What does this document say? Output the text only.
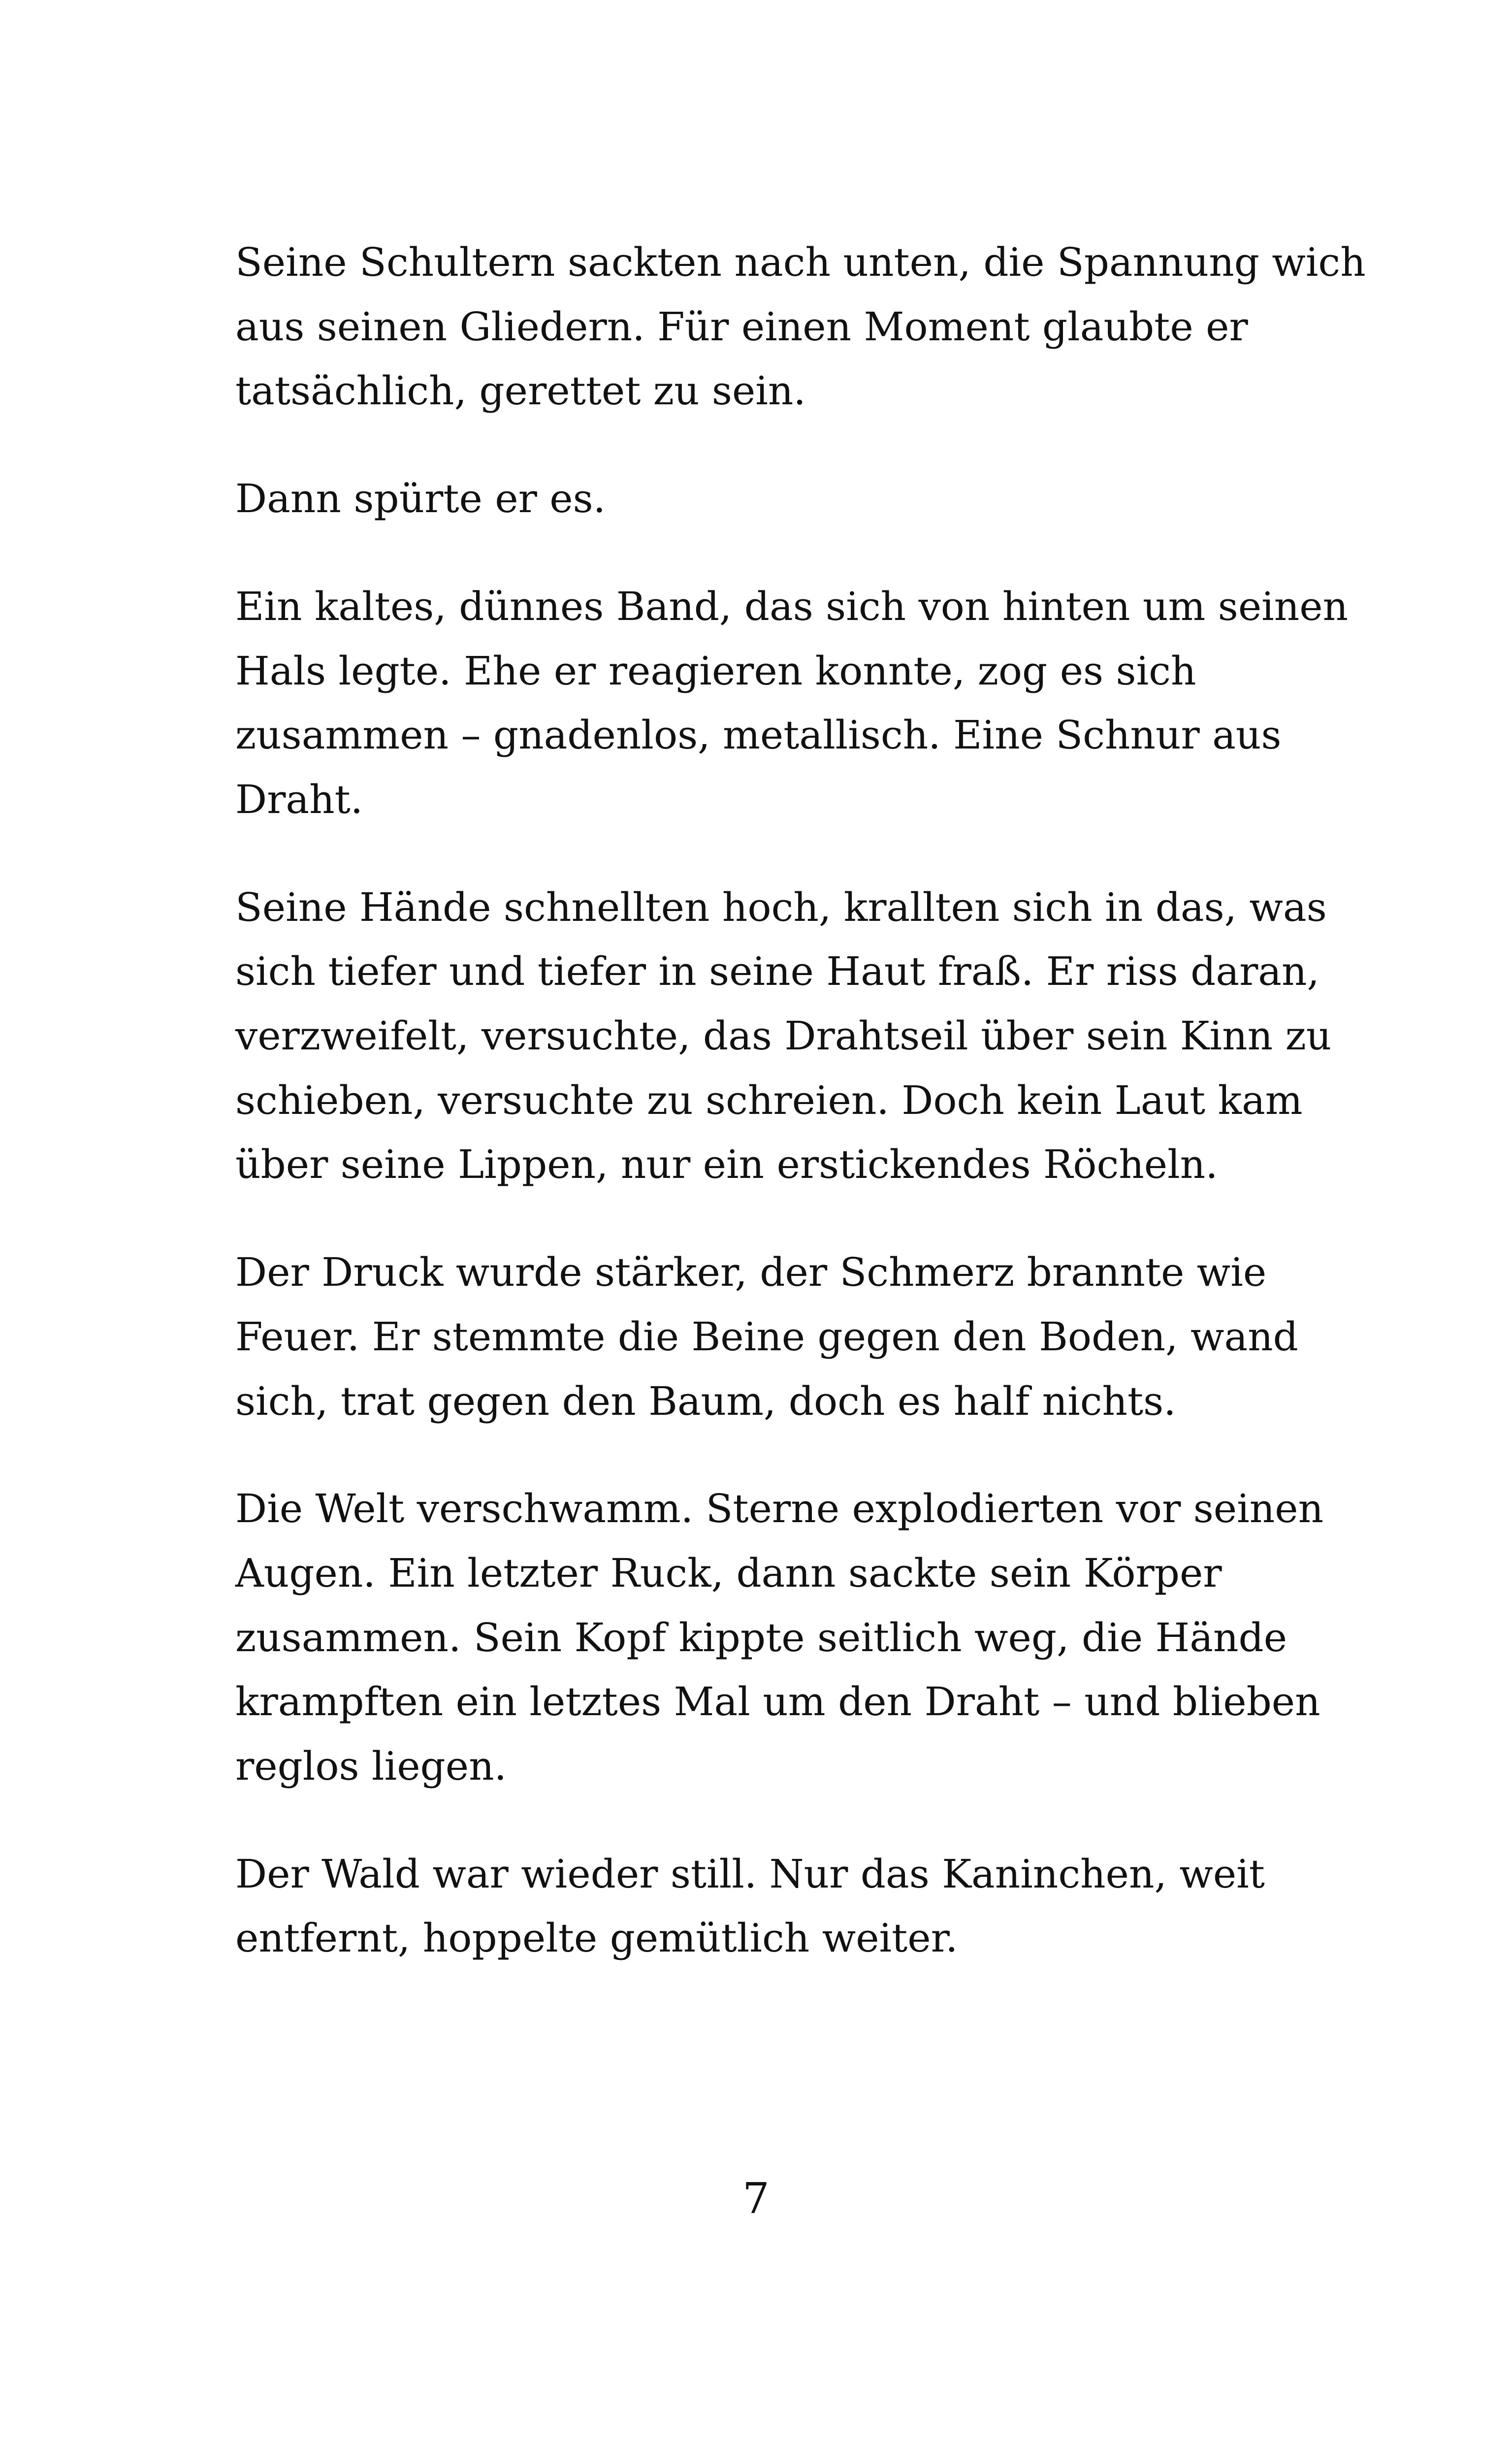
Seine Schultern sackten nach unten, die Spannung wich
aus seinen Gliedern. Für einen Moment glaubte er
tatsächlich, gerettet zu sein.

Dann spürte er es.

Ein kaltes, dünnes Band, das sich von hinten um seinen
Hals legte. Ehe er reagieren konnte, zog es sich
zusammen – gnadenlos, metallisch. Eine Schnur aus
Draht.

Seine Hände schnellten hoch, krallten sich in das, was
sich tiefer und tiefer in seine Haut fraß. Er riss daran,
verzweifelt, versuchte, das Drahtseil über sein Kinn zu
schieben, versuchte zu schreien. Doch kein Laut kam
über seine Lippen, nur ein erstickendes Röcheln.

Der Druck wurde stärker, der Schmerz brannte wie
Feuer. Er stemmte die Beine gegen den Boden, wand
sich, trat gegen den Baum, doch es half nichts.

Die Welt verschwamm. Sterne explodierten vor seinen
Augen. Ein letzter Ruck, dann sackte sein Körper
zusammen. Sein Kopf kippte seitlich weg, die Hände
krampften ein letztes Mal um den Draht – und blieben
reglos liegen.

Der Wald war wieder still. Nur das Kaninchen, weit
entfernt, hoppelte gemütlich weiter.

7
